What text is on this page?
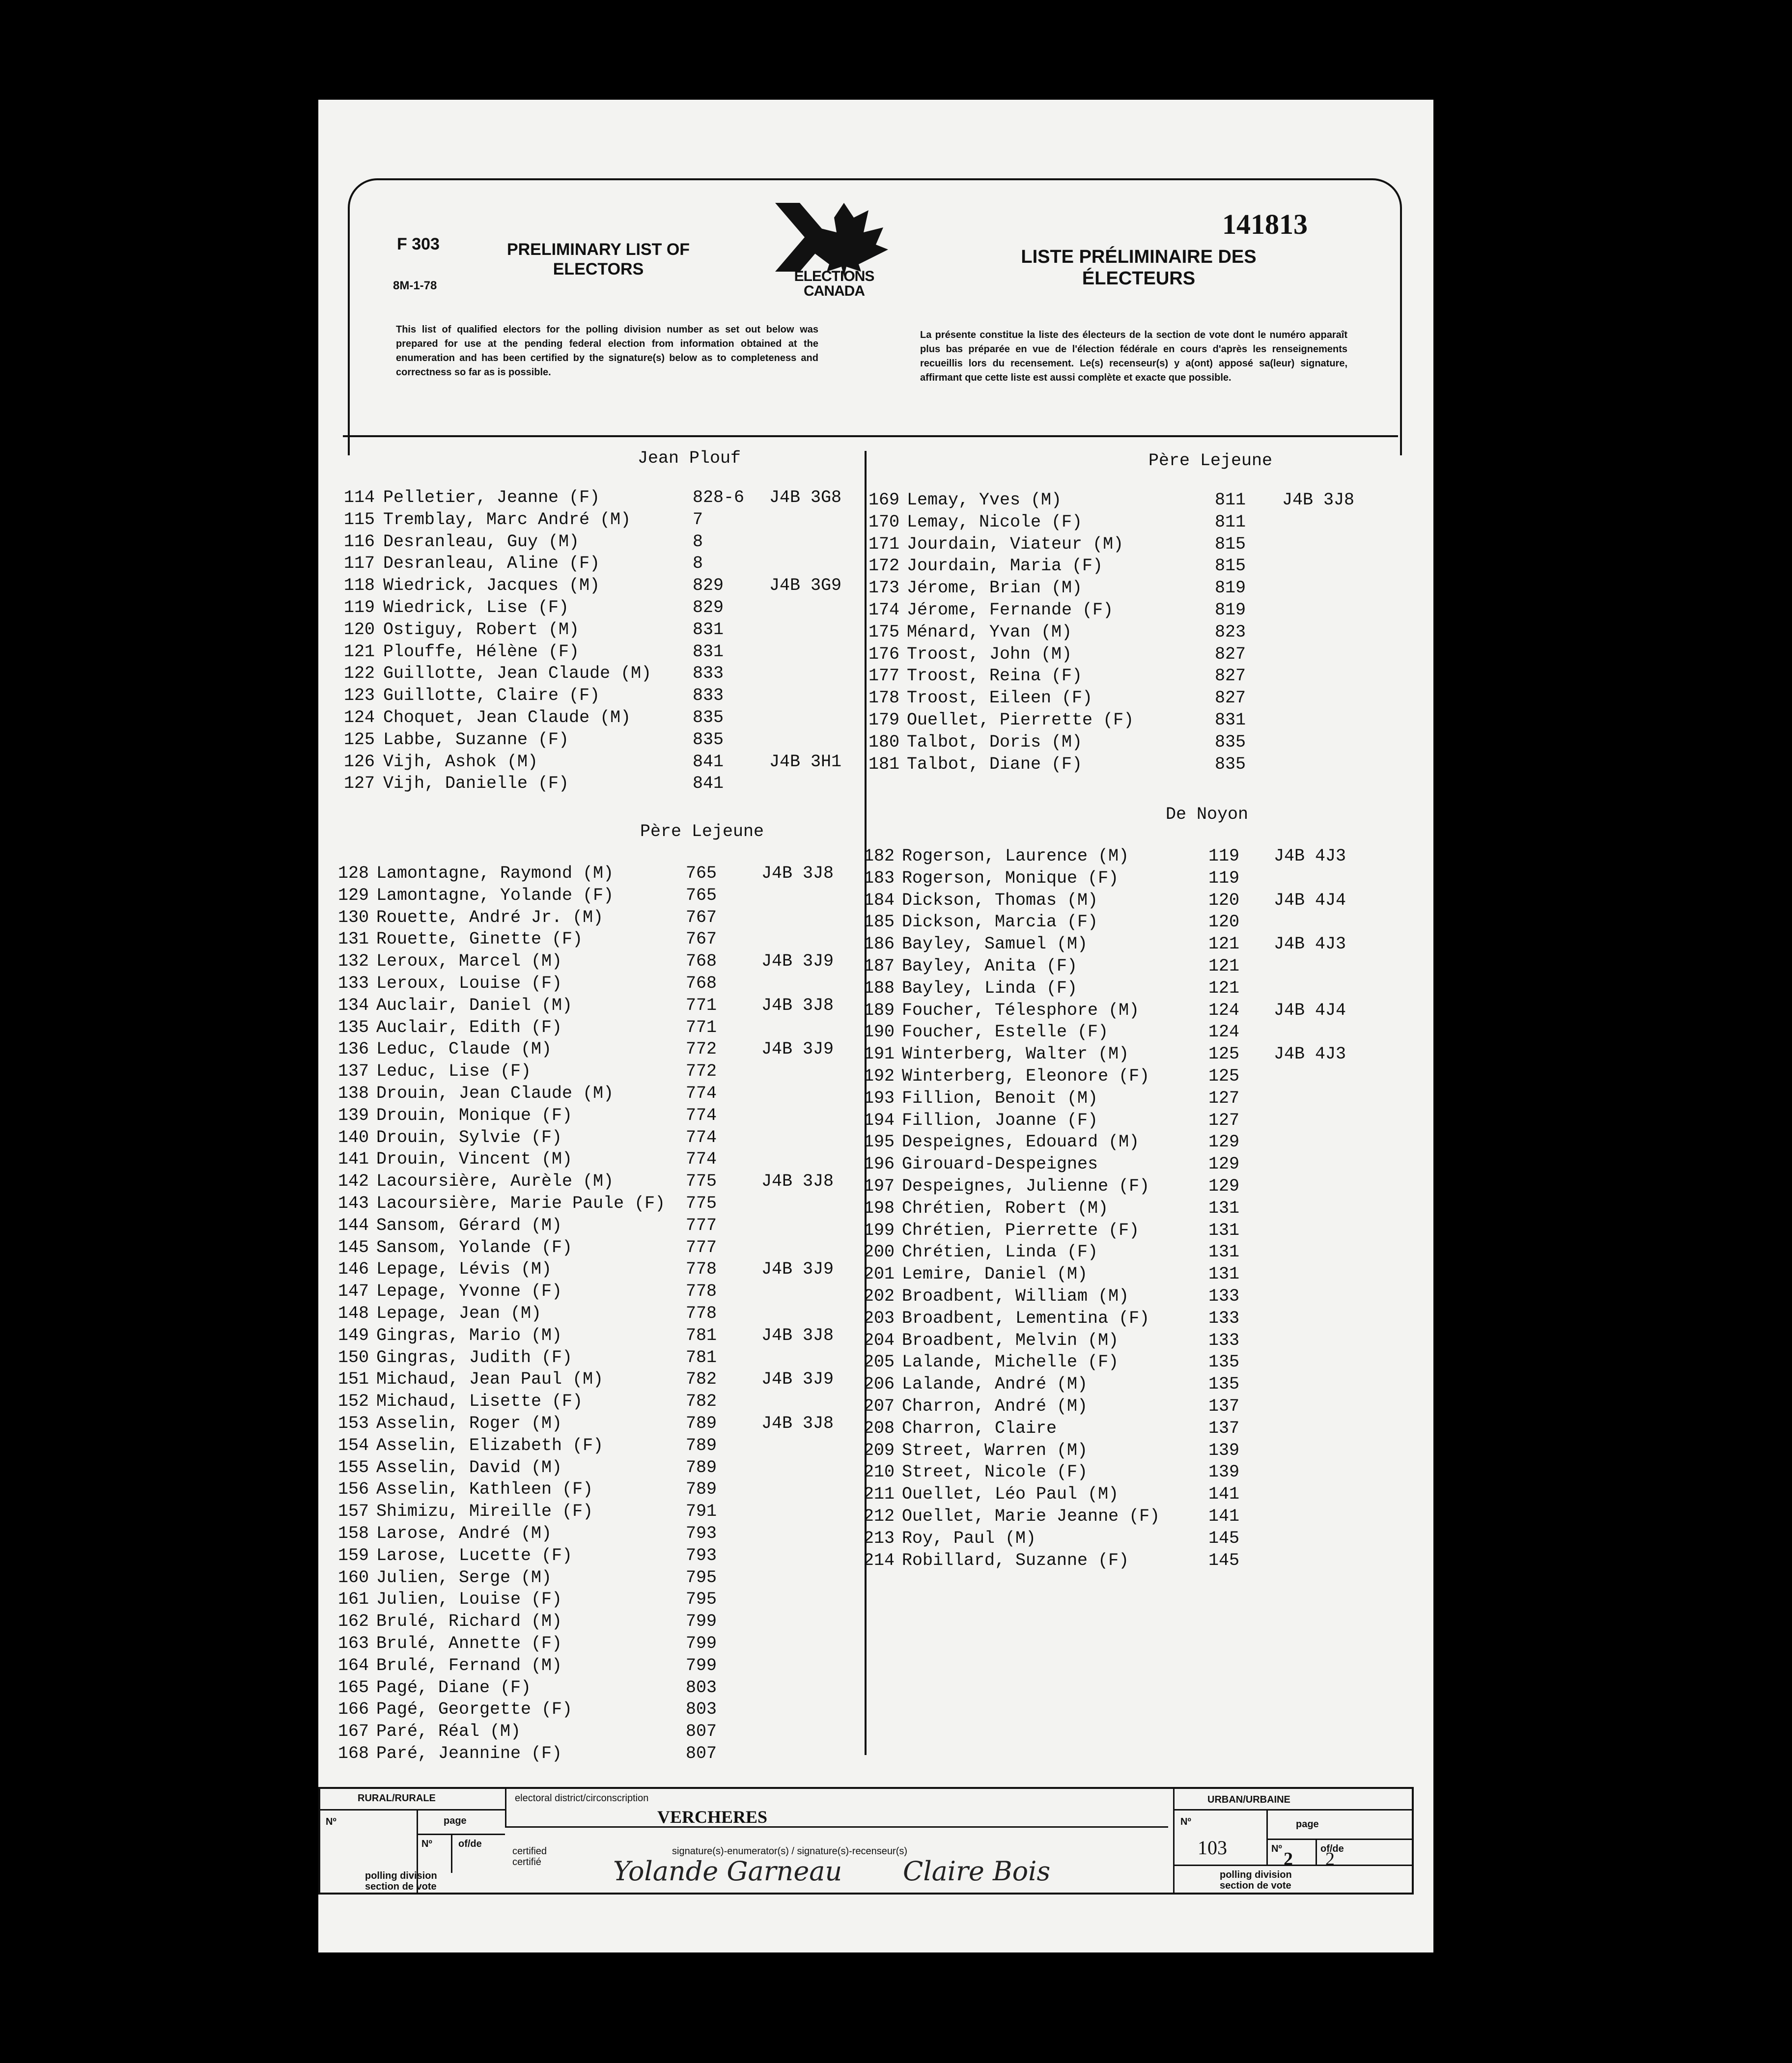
F 303
8M-1-78
PRELIMINARY LIST OF ELECTORS
LISTE PRÉLIMINAIRE DES ÉLECTEURS
141813
ELECTIONS CANADA
This list of qualified electors for the polling division number as set out below was prepared for use at the pending federal election from information obtained at the enumeration and has been certified by the signature(s) below as to completeness and correctness so far as is possible.
La présente constitue la liste des électeurs de la section de vote dont le numéro apparaît plus bas préparée en vue de l'élection fédérale en cours d'après les renseignements recueillis lors du recensement. Le(s) recenseur(s) y a(ont) apposé sa(leur) signature, affirmant que cette liste est aussi complète et exacte que possible.
Jean Plouf
Père Lejeune
Père Lejeune
De Noyon
114 Pelletier, Jeanne (F)	828-6 J4B 3G8
115 Tremblay, Marc André (M)	7
116 Desranleau, Guy (M)	8
117 Desranleau, Aline (F)	8
118 Wiedrick, Jacques (M)	829	J4B 3G9
119 Wiedrick, Lise (F)	829
120 Ostiguy, Robert (M)	831
121 Plouffe, Hélène (F)	831
122 Guillotte, Jean Claude (M) 833
123 Guillotte, Claire (F)	833
124 Choquet, Jean Claude (M)	835
125 Labbe, Suzanne (F)	835
126 Vijh, Ashok (M)	841	J4B 3H1
127 Vijh, Danielle (F)	841
128 Lamontagne, Raymond (M)	765	J4B 3J8
129 Lamontagne, Yolande (F)	765
130 Rouette, André Jr. (M)	767
131 Rouette, Ginette (F)	767
132 Leroux, Marcel (M)	768	J4B 3J9
133 Leroux, Louise (F)	768
134 Auclair, Daniel (M)	771	J4B 3J8
135 Auclair, Edith (F)	771
136 Leduc, Claude (M)	772	J4B 3J9
137 Leduc, Lise (F)	772
138 Drouin, Jean Claude (M)	774
139 Drouin, Monique (F)	774
140 Drouin, Sylvie (F)	774
141 Drouin, Vincent (M)	774
142 Lacoursière, Aurèle (M)	775	J4B 3J8
143 Lacoursière, Marie Paule (F) 775
144 Sansom, Gérard (M)	777
145 Sansom, Yolande (F)	777
146 Lepage, Lévis (M)	778	J4B 3J9
147 Lepage, Yvonne (F)	778
148 Lepage, Jean (M)	778
149 Gingras, Mario (M)	781	J4B 3J8
150 Gingras, Judith (F)	781
151 Michaud, Jean Paul (M)	782	J4B 3J9
152 Michaud, Lisette (F)	782
153 Asselin, Roger (M)	789	J4B 3J8
154 Asselin, Elizabeth (F)	789
155 Asselin, David (M)	789
156 Asselin, Kathleen (F)	789
157 Shimizu, Mireille (F)	791
158 Larose, André (M)	793
159 Larose, Lucette (F)	793
160 Julien, Serge (M)	795
161 Julien, Louise (F)	795
162 Brulé, Richard (M)	799
163 Brulé, Annette (F)	799
164 Brulé, Fernand (M)	799
165 Pagé, Diane (F)	803
166 Pagé, Georgette (F)	803
167 Paré, Réal (M)	807
168 Paré, Jeannine (F)	807
169 Lemay, Yves (M)	811 J4B 3J8
170 Lemay, Nicole (F)	811
171 Jourdain, Viateur (M)	815
172 Jourdain, Maria (F)	815
173 Jérome, Brian (M)	819
174 Jérome, Fernande (F)	819
175 Ménard, Yvan (M)	823
176 Troost, John (M)	827
177 Troost, Reina (F)	827
178 Troost, Eileen (F)	827
179 Ouellet, Pierrette (F)	831
180 Talbot, Doris (M)	835
181 Talbot, Diane (F)	835
182 Rogerson, Laurence (M)	119 J4B 4J3
183 Rogerson, Monique (F)	119
184 Dickson, Thomas (M)	120 J4B 4J4
185 Dickson, Marcia (F)	120
186 Bayley, Samuel (M)	121 J4B 4J3
187 Bayley, Anita (F)	121
188 Bayley, Linda (F)	121
189 Foucher, Télesphore (M)	124 J4B 4J4
190 Foucher, Estelle (F)	124
191 Winterberg, Walter (M)	125 J4B 4J3
192 Winterberg, Eleonore (F)	125
193 Fillion, Benoit (M)	127
194 Fillion, Joanne (F)	127
195 Despeignes, Edouard (M)	129
196 Girouard-Despeignes	129
197 Despeignes, Julienne (F)	129
198 Chrétien, Robert (M)	131
199 Chrétien, Pierrette (F)	131
200 Chrétien, Linda (F)	131
201 Lemire, Daniel (M)	131
202 Broadbent, William (M)	133
203 Broadbent, Lementina (F)	133
204 Broadbent, Melvin (M)	133
205 Lalande, Michelle (F)	135
206 Lalande, André (M)	135
207 Charron, André (M)	137
208 Charron, Claire	137
209 Street, Warren (M)	139
210 Street, Nicole (F)	139
211 Ouellet, Léo Paul (M)	141
212 Ouellet, Marie Jeanne (F)	141
213 Roy, Paul (M)	145
214 Robillard, Suzanne (F)	145
RURAL/RURALE	electoral district/circonscription
VERCHERES
URBAN/URBAINE
Nº	page
Nº	of/de
certified
certifié
signature(s)-enumerator(s) / signature(s)-recenseur(s)
polling division
section de vote
Nº	page
103	Nº 2	of/de
2
polling division
section de vote
Yolande Garneau Claire Bois
